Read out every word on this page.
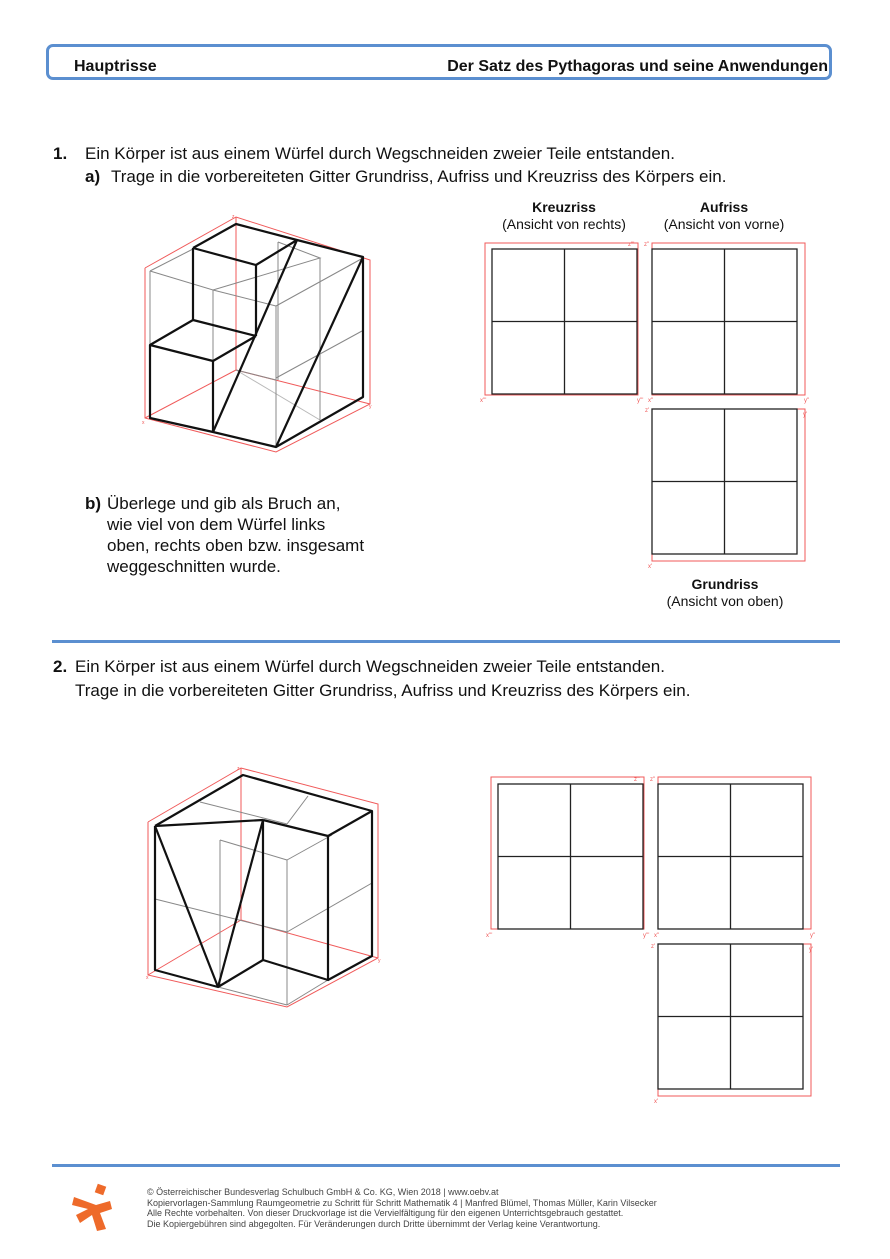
Hauptrisse	Der Satz des Pythagoras und seine Anwendungen
1. Ein Körper ist aus einem Würfel durch Wegschneiden zweier Teile entstanden.
a) Trage in die vorbereiteten Gitter Grundriss, Aufriss und Kreuzriss des Körpers ein.
x
y
z
Kreuzriss
(Ansicht von rechts)
Aufriss
(Ansicht von vorne)
Grundriss
(Ansicht von oben)
z''' z''
x'''	y''' x''	y''
z'
y'
x'
b) Überlege und gib als Bruch an,
wie viel von dem Würfel links
oben, rechts oben bzw. insgesamt
weggeschnitten wurde.
2. Ein Körper ist aus einem Würfel durch Wegschneiden zweier Teile entstanden.
Trage in die vorbereiteten Gitter Grundriss, Aufriss und Kreuzriss des Körpers ein.
x
y
z
z''' z''
x'''	y''' x''	y''
z'	y'
x'
© Österreichischer Bundesverlag Schulbuch GmbH & Co. KG, Wien 2018 | www.oebv.at
Kopiervorlagen-Sammlung Raumgeometrie zu Schritt für Schritt Mathematik 4 | Manfred Blümel, Thomas Müller, Karin Vilsecker
Alle Rechte vorbehalten. Von dieser Druckvorlage ist die Vervielfältigung für den eigenen Unterrichtsgebrauch gestattet.
Die Kopiergebühren sind abgegolten. Für Veränderungen durch Dritte übernimmt der Verlag keine Verantwortung.
